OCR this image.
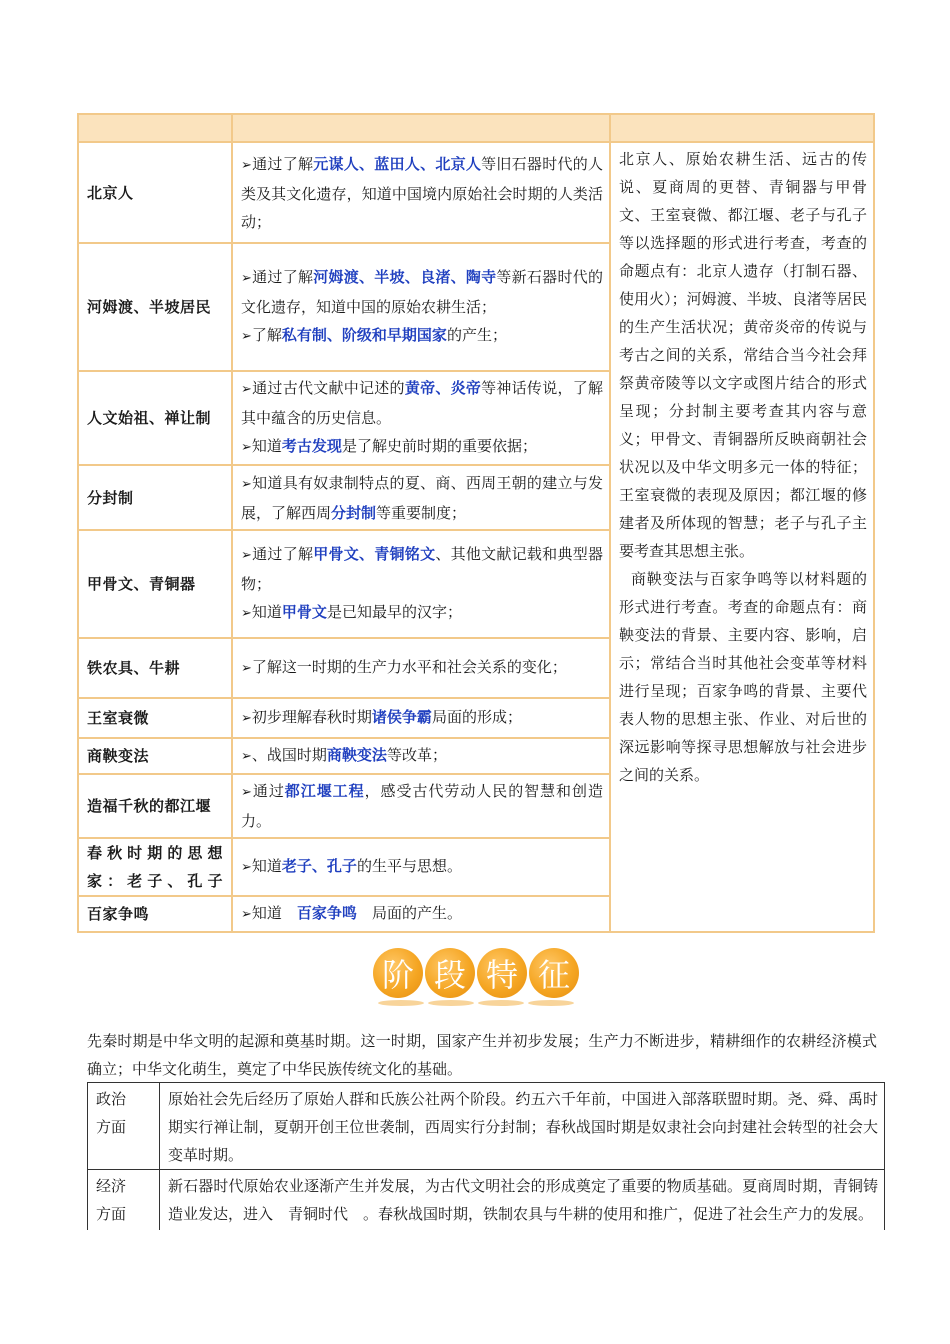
北京人	➢通过了解元谋人、蓝田人、北京人等旧石器时代的人类及其文化遗存，知道中国境内原始社会时期的人类活动；	北京人、原始农耕生活、远古的传说、夏商周的更替、青铜器与甲骨文、王室衰微、都江堰、老子与孔子等以选择题的形式进行考查，考查的命题点有：北京人遗存（打制石器、使用火）；河姆渡、半坡、良渚等居民的生产生活状况；黄帝炎帝的传说与考古之间的关系，常结合当今社会拜祭黄帝陵等以文字或图片结合的形式呈现；分封制主要考查其内容与意义；甲骨文、青铜器所反映商朝社会状况以及中华文明多元一体的特征；王室衰微的表现及原因；都江堰的修建者及所体现的智慧；老子与孔子主要考查其思想主张。

商鞅变法与百家争鸣等以材料题的形式进行考查。考查的命题点有：商鞅变法的背景、主要内容、影响，启示；常结合当时其他社会变革等材料进行呈现；百家争鸣的背景、主要代表人物的思想主张、作业、对后世的深远影响等探寻思想解放与社会进步之间的关系。

河姆渡、半坡居民	➢通过了解河姆渡、半坡、良渚、陶寺等新石器时代的文化遗存，知道中国的原始农耕生活；
➢了解私有制、阶级和早期国家的产生；	

人文始祖、禅让制	➢通过古代文献中记述的黄帝、炎帝等神话传说，了解其中蕴含的历史信息。
➢知道考古发现是了解史前时期的重要依据；	

分封制	➢知道具有奴隶制特点的夏、商、西周王朝的建立与发展，了解西周分封制等重要制度；	

甲骨文、青铜器	➢通过了解甲骨文、青铜铭文、其他文献记载和典型器物；
➢知道甲骨文是已知最早的汉字；	

铁农具、牛耕	➢了解这一时期的生产力水平和社会关系的变化；	

王室衰微	➢初步理解春秋时期诸侯争霸局面的形成；	

商鞅变法	➢、战国时期商鞅变法等改革；	

造福千秋的都江堰	➢通过都江堰工程，感受古代劳动人民的智慧和创造力。	

春秋时期的思想家：老子、孔子	➢知道老子、孔子的生平与思想。	

百家争鸣	➢知道　百家争鸣　局面的产生。	
阶 段 特 征

先秦时期是中华文明的起源和奠基时期。这一时期，国家产生并初步发展；生产力不断进步，精耕细作的农耕经济模式确立；中华文化萌生，奠定了中华民族传统文化的基础。

政治
方面	原始社会先后经历了原始人群和氏族公社两个阶段。约五六千年前，中国进入部落联盟时期。尧、舜、禹时期实行禅让制，夏朝开创王位世袭制，西周实行分封制；春秋战国时期是奴隶社会向封建社会转型的社会大变革时期。

经济
方面	新石器时代原始农业逐渐产生并发展，为古代文明社会的形成奠定了重要的物质基础。夏商周时期，青铜铸造业发达，进入　青铜时代　。春秋战国时期，铁制农具与牛耕的使用和推广，促进了社会生产力的发展。
